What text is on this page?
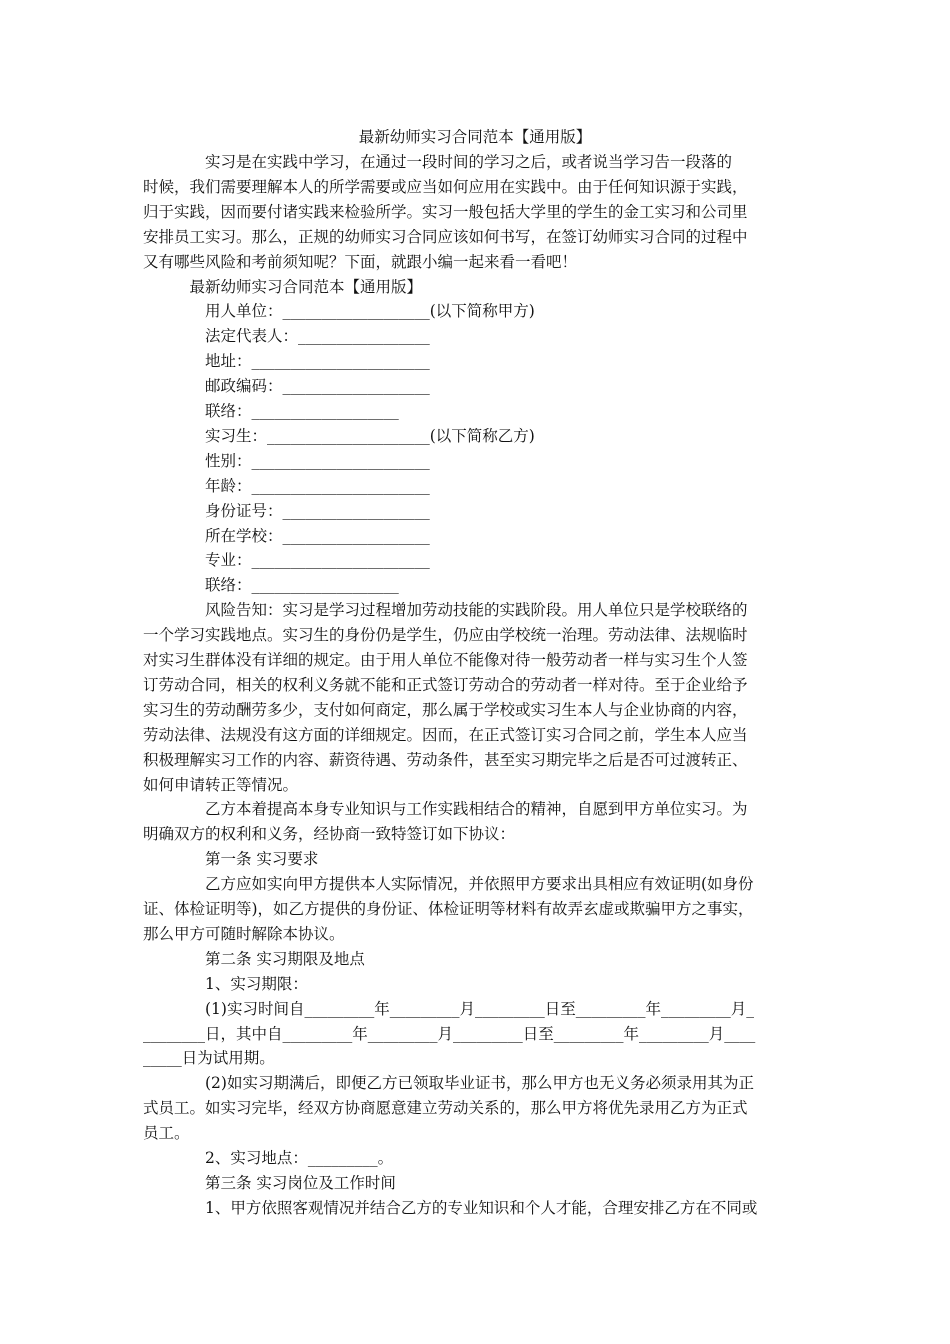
最新幼师实习合同范本【通用版】
　　　　实习是在实践中学习，在通过一段时间的学习之后，或者说当学习告一段落的
时候，我们需要理解本人的所学需要或应当如何应用在实践中。由于任何知识源于实践，
归于实践，因而要付诸实践来检验所学。实习一般包括大学里的学生的金工实习和公司里
安排员工实习。那么，正规的幼师实习合同应该如何书写，在签订幼师实习合同的过程中
又有哪些风险和考前须知呢？下面，就跟小编一起来看一看吧！
　　　最新幼师实习合同范本【通用版】
　　　　用人单位：___________________(以下简称甲方)
　　　　法定代表人：_________________
　　　　地址：_______________________
　　　　邮政编码：___________________
　　　　联络：___________________
　　　　实习生：_____________________(以下简称乙方)
　　　　性别：_______________________
　　　　年龄：_______________________
　　　　身份证号：___________________
　　　　所在学校：___________________
　　　　专业：_______________________
　　　　联络：___________________
　　　　风险告知：实习是学习过程增加劳动技能的实践阶段。用人单位只是学校联络的
一个学习实践地点。实习生的身份仍是学生，仍应由学校统一治理。劳动法律、法规临时
对实习生群体没有详细的规定。由于用人单位不能像对待一般劳动者一样与实习生个人签
订劳动合同，相关的权利义务就不能和正式签订劳动合的劳动者一样对待。至于企业给予
实习生的劳动酬劳多少，支付如何商定，那么属于学校或实习生本人与企业协商的内容，
劳动法律、法规没有这方面的详细规定。因而，在正式签订实习合同之前，学生本人应当
积极理解实习工作的内容、薪资待遇、劳动条件，甚至实习期完毕之后是否可过渡转正、
如何申请转正等情况。
　　　　乙方本着提高本身专业知识与工作实践相结合的精神，自愿到甲方单位实习。为
明确双方的权利和义务，经协商一致特签订如下协议：
　　　　第一条 实习要求
　　　　乙方应如实向甲方提供本人实际情况，并依照甲方要求出具相应有效证明(如身份
证、体检证明等)，如乙方提供的身份证、体检证明等材料有故弄玄虚或欺骗甲方之事实，
那么甲方可随时解除本协议。
　　　　第二条 实习期限及地点
　　　　1、实习期限：
　　　　(1)实习时间自_________年_________月_________日至_________年_________月_
________日，其中自_________年_________月_________日至_________年_________月____
_____日为试用期。
　　　　(2)如实习期满后，即便乙方已领取毕业证书，那么甲方也无义务必须录用其为正
式员工。如实习完毕，经双方协商愿意建立劳动关系的，那么甲方将优先录用乙方为正式
员工。
　　　　2、实习地点：_________。
　　　　第三条 实习岗位及工作时间
　　　　1、甲方依照客观情况并结合乙方的专业知识和个人才能，合理安排乙方在不同或
